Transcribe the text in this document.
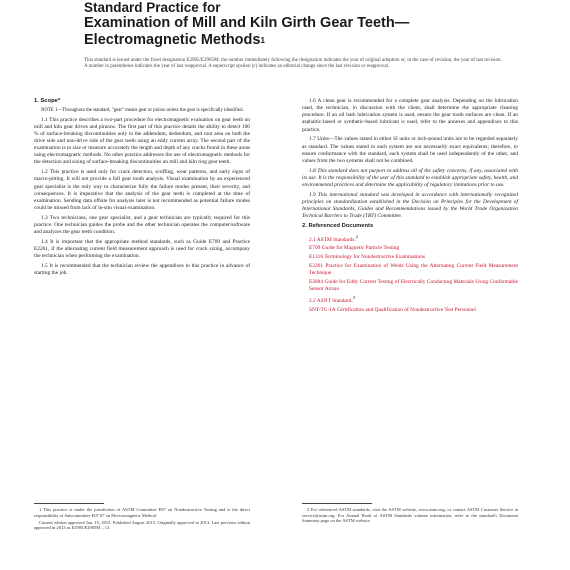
Standard Practice for
Examination of Mill and Kiln Girth Gear Teeth—
Electromagnetic Methods$^1$
This standard is issued under the fixed designation E2905/E2905M; the number immediately following the designation indicates the year of original adoption or, in the case of revision, the year of last revision. A number in parentheses indicates the year of last reapproval. A superscript epsilon (ε) indicates an editorial change since the last revision or reapproval.

1. Scope*

NOTE 1—Throughout the standard, "gear" means gear or pinion unless the gear is specifically identified.

1.1 This practice describes a two-part procedure for electromagnetic evaluation on gear teeth on mill and kiln gear drives and pinions. The first part of this practice details the ability to detect 100 % of surface-breaking discontinuities only in the addendum, dedendum, and root area on both the drive side and non-drive side of the gear teeth using an eddy current array. The second part of the examination is to size or measure accurately the length and depth of any cracks found in these areas using electromagnetic methods. No other practice addresses the use of electromagnetic methods for the detection and sizing of surface-breaking discontinuities on mill and kiln ring gear teeth.

1.2 This practice is used only for crack detection, scuffing, wear patterns, and early signs of macro-pitting. It will not provide a full gear tooth analysis. Visual examination by an experienced gear specialist is the only way to characterize fully the failure modes present, their severity, and consequences. It is imperative that the analysis of the gear teeth is completed at the time of examination. Sending data offsite for analysis later is not recommended as potential failure modes could be missed from lack of in-situ visual examination.

1.3 Two technicians, one gear specialist, and a gear technician are typically required for this practice. One technician guides the probe and the other technician operates the computer/software and analyzes the gear teeth condition.

1.4 It is important that the appropriate method standards, such as Guide E709 and Practice E2261, if the alternating current field measurement approach is used for crack sizing, accompany the technician when performing the examination.

1.5 It is recommended that the technician review the appendixes in this practice in advance of starting the job.

1.6 A clean gear is recommended for a complete gear analysis. Depending on the lubrication used, the technician, in discussion with the client, shall determine the appropriate cleaning procedure. If an oil bath lubrication system is used, ensure the gear tooth surfaces are clean. If an asphaltic-based or synthetic-based lubricant is used, refer to the annexes and appendixes to this practice.

1.7 Units—The values stated in either SI units or inch-pound units are to be regarded separately as standard. The values stated in each system are not necessarily exact equivalents; therefore, to ensure conformance with the standard, each system shall be used independently of the other, and values from the two systems shall not be combined.

1.8 This standard does not purport to address all of the safety concerns, if any, associated with its use. It is the responsibility of the user of this standard to establish appropriate safety, health, and environmental practices and determine the applicability of regulatory limitations prior to use.

1.9 This international standard was developed in accordance with internationally recognized principles on standardization established in the Decision on Principles for the Development of International Standards, Guides and Recommendations issued by the World Trade Organization Technical Barriers to Trade (TBT) Committee.

2. Referenced Documents

2.1 ASTM Standards:$^2$
E709 Guide for Magnetic Particle Testing
E1316 Terminology for Nondestructive Examinations
E2261 Practice for Examination of Welds Using the Alternating Current Field Measurement Technique
E2884 Guide for Eddy Current Testing of Electrically Conducting Materials Using Conformable Sensor Arrays
2.2 ASNT Standard:$^3$
SNT-TC-1A Certification and Qualification of Nondestructive Test Personnel

1 This practice is under the jurisdiction of ASTM Committee E07 on Nondestructive Testing and is the direct responsibility of Subcommittee E07.07 on Electromagnetic Method.

Current edition approved Jan. 15, 2015. Published August 2015. Originally approved in 2013. Last previous edition approved in 2013 as E2905/E2905M – 13.

2 For referenced ASTM standards, visit the ASTM website, www.astm.org, or contact ASTM Customer Service at service@astm.org. For Annual Book of ASTM Standards volume information, refer to the standard's Document Summary page on the ASTM website.
